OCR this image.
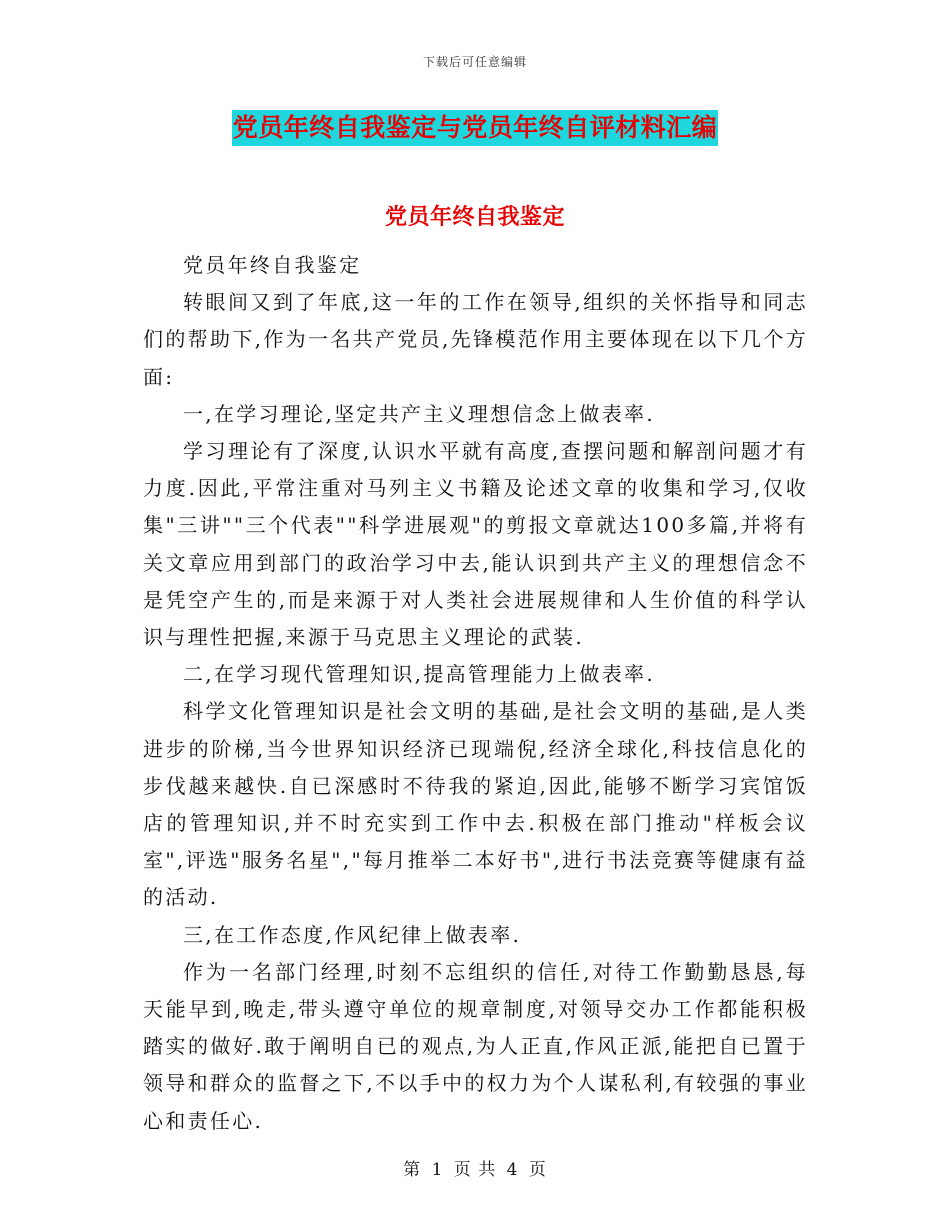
下载后可任意编辑
党员年终自我鉴定与党员年终自评材料汇编
党员年终自我鉴定

党员年终自我鉴定

转眼间又到了年底,这一年的工作在领导,组织的关怀指导和同志们的帮助下,作为一名共产党员,先锋模范作用主要体现在以下几个方面:

一,在学习理论,坚定共产主义理想信念上做表率.

学习理论有了深度,认识水平就有高度,查摆问题和解剖问题才有力度.因此,平常注重对马列主义书籍及论述文章的收集和学习,仅收集"三讲""三个代表""科学进展观"的剪报文章就达100多篇,并将有关文章应用到部门的政治学习中去,能认识到共产主义的理想信念不是凭空产生的,而是来源于对人类社会进展规律和人生价值的科学认识与理性把握,来源于马克思主义理论的武装.

二,在学习现代管理知识,提高管理能力上做表率.

科学文化管理知识是社会文明的基础,是社会文明的基础,是人类进步的阶梯,当今世界知识经济已现端倪,经济全球化,科技信息化的步伐越来越快.自已深感时不待我的紧迫,因此,能够不断学习宾馆饭店的管理知识,并不时充实到工作中去.积极在部门推动"样板会议室",评选"服务名星","每月推举二本好书",进行书法竞赛等健康有益的活动.

三,在工作态度,作风纪律上做表率.

作为一名部门经理,时刻不忘组织的信任,对待工作勤勤恳恳,每天能早到,晚走,带头遵守单位的规章制度,对领导交办工作都能积极踏实的做好.敢于阐明自已的观点,为人正直,作风正派,能把自已置于领导和群众的监督之下,不以手中的权力为个人谋私利,有较强的事业心和责任心.

第 1 页 共 4 页
